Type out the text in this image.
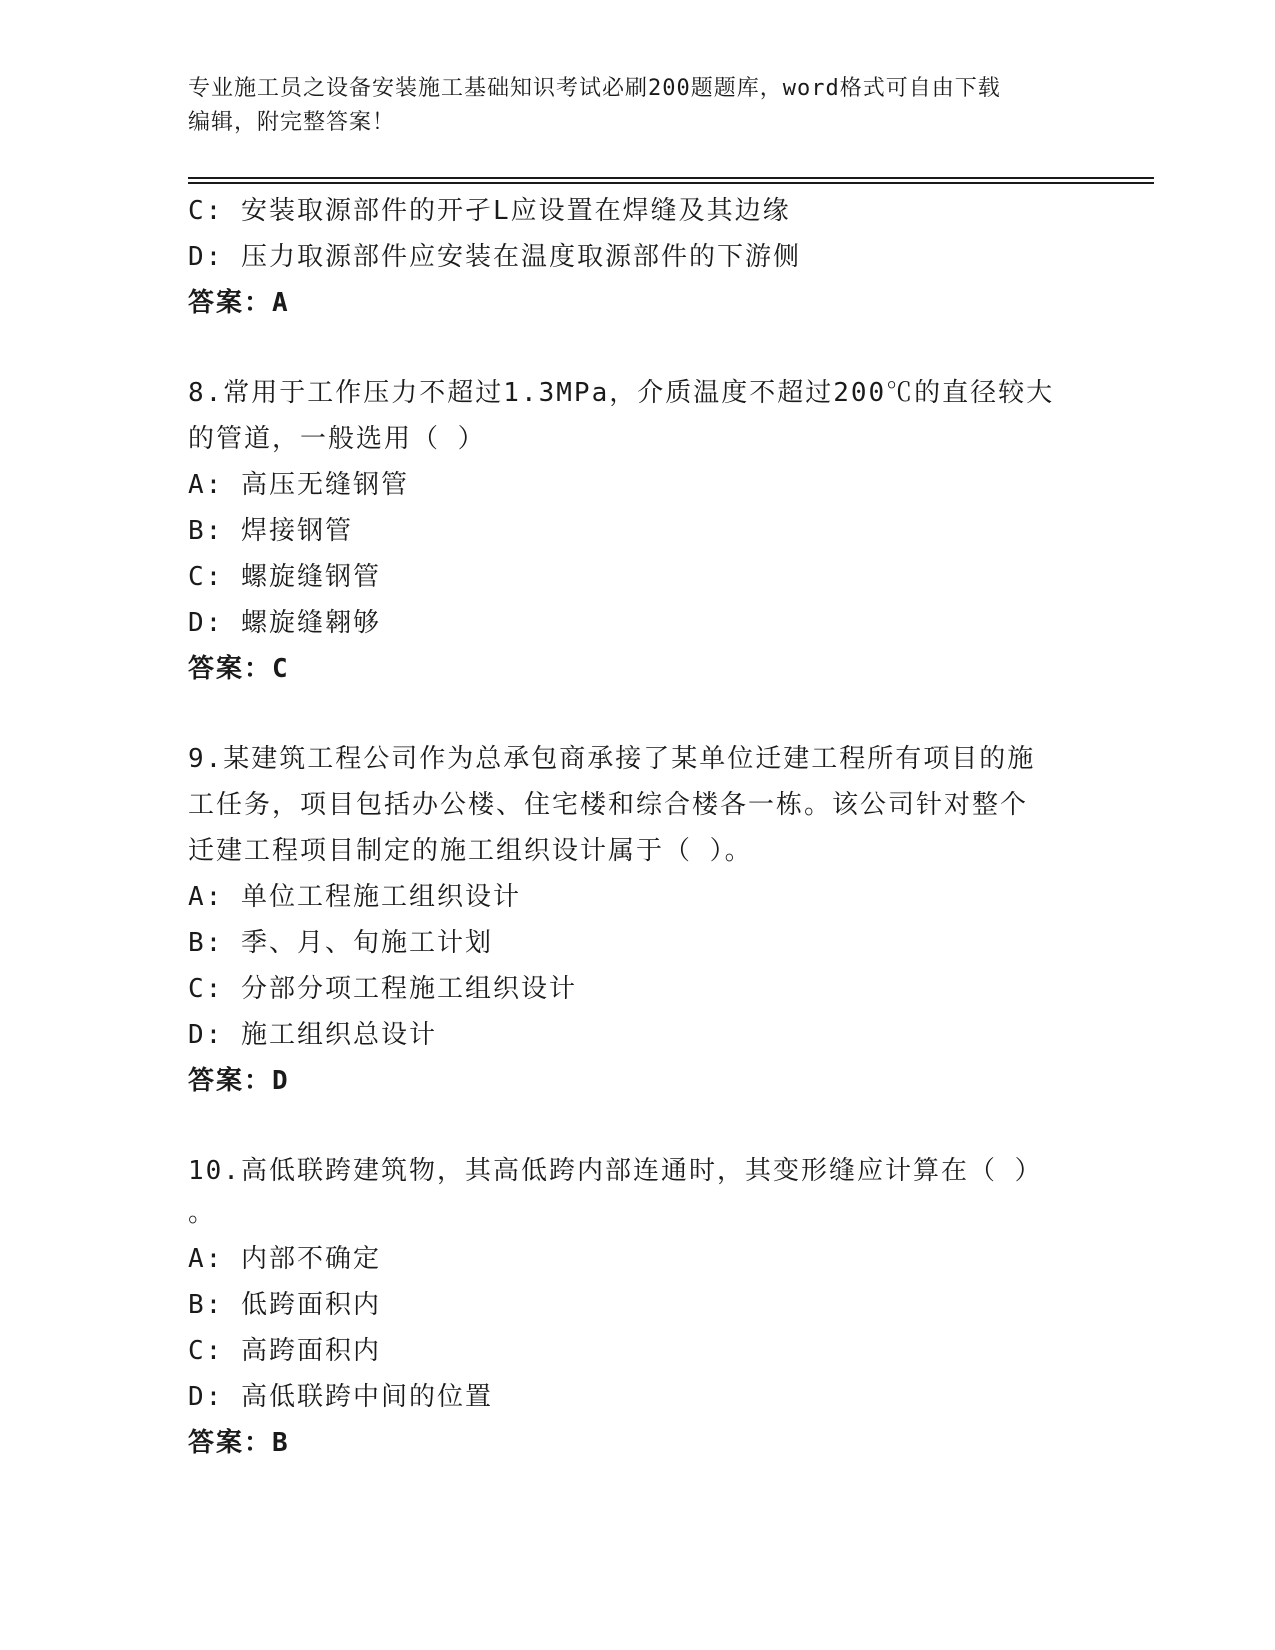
专业施工员之设备安装施工基础知识考试必刷200题题库，word格式可自由下载
编辑，附完整答案！
C: 安装取源部件的开孑L应设置在焊缝及其边缘
D: 压力取源部件应安装在温度取源部件的下游侧
答案：A
8.常用于工作压力不超过1.3MPa，介质温度不超过200℃的直径较大
的管道，一般选用（ ）
A: 高压无缝钢管
B: 焊接钢管
C: 螺旋缝钢管
D: 螺旋缝翱够
答案：C
9.某建筑工程公司作为总承包商承接了某单位迁建工程所有项目的施
工任务，项目包括办公楼、住宅楼和综合楼各一栋。该公司针对整个
迁建工程项目制定的施工组织设计属于（ ）。
A: 单位工程施工组织设计
B: 季、月、旬施工计划
C: 分部分项工程施工组织设计
D: 施工组织总设计
答案：D
10.高低联跨建筑物，其高低跨内部连通时，其变形缝应计算在（ ）
。
A: 内部不确定
B: 低跨面积内
C: 高跨面积内
D: 高低联跨中间的位置
答案：B
